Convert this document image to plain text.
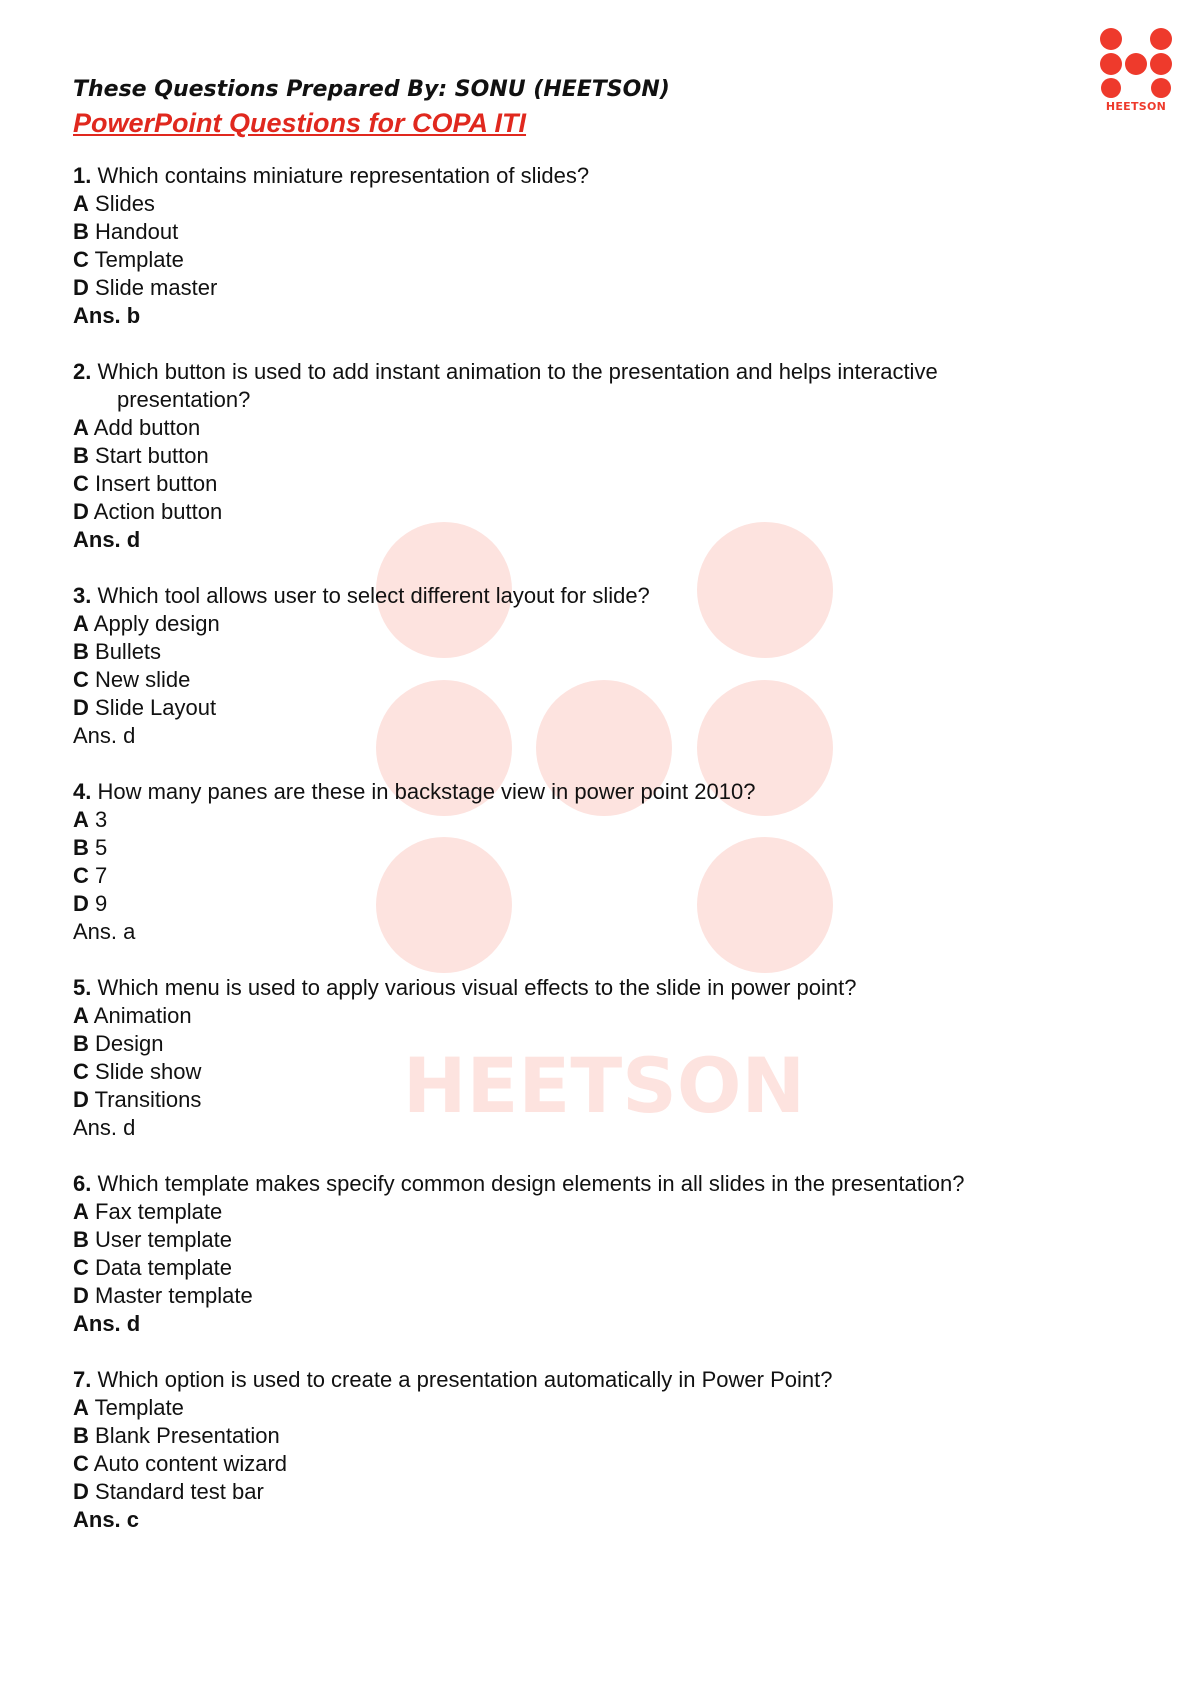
HEETSON
HEETSON
These Questions Prepared By: SONU (HEETSON)
PowerPoint Questions for COPA ITI
1. Which contains miniature representation of slides?
A Slides
B Handout
C Template
D Slide master
Ans. b
2. Which button is used to add instant animation to the presentation and helps interactive presentation?
A Add button
B Start button
C Insert button
D Action button
Ans. d
3. Which tool allows user to select different layout for slide?
A Apply design
B Bullets
C New slide
D Slide Layout
Ans. d
4. How many panes are these in backstage view in power point 2010?
A 3
B 5
C 7
D 9
Ans. a
5. Which menu is used to apply various visual effects to the slide in power point?
A Animation
B Design
C Slide show
D Transitions
Ans. d
6. Which template makes specify common design elements in all slides in the presentation?
A Fax template
B User template
C Data template
D Master template
Ans. d
7. Which option is used to create a presentation automatically in Power Point?
A Template
B Blank Presentation
C Auto content wizard
D Standard test bar
Ans. c
